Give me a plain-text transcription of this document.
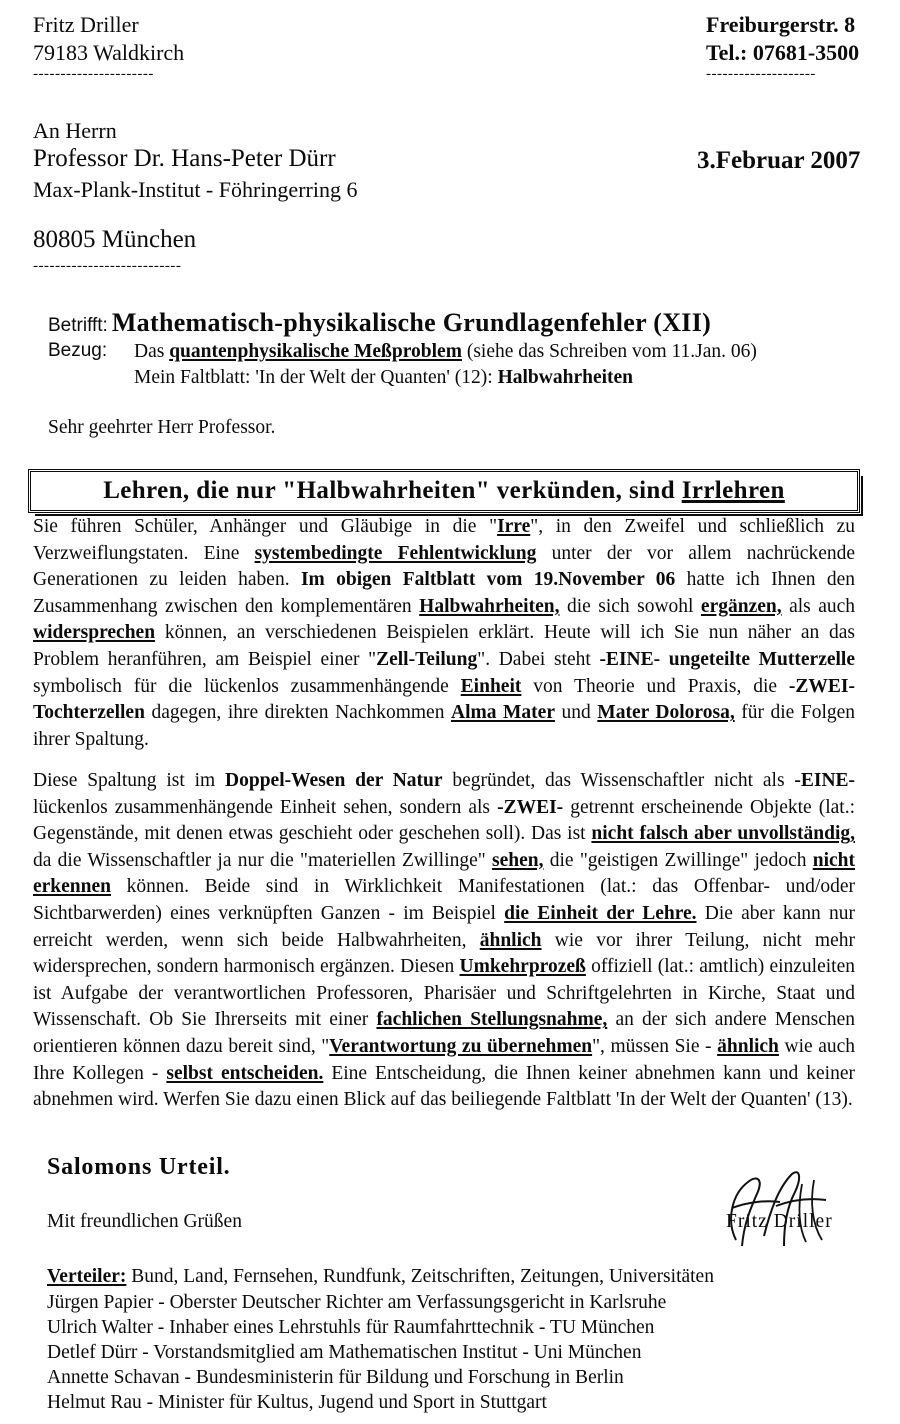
Fritz Driller
79183 Waldkirch
----------------------
Freiburgerstr. 8
Tel.: 07681-3500
--------------------
An Herrn
Professor Dr. Hans-Peter Dürr
Max-Plank-Institut - Föhringerring 6
80805 München
---------------------------
3.Februar 2007
Betrifft: Mathematisch-physikalische Grundlagenfehler (XII)
Bezug: Das quantenphysikalische Meßproblem (siehe das Schreiben vom 11.Jan. 06)
Mein Faltblatt: 'In der Welt der Quanten' (12): Halbwahrheiten
Sehr geehrter Herr Professor.
Lehren, die nur "Halbwahrheiten" verkünden, sind Irrlehren
Sie führen Schüler, Anhänger und Gläubige in die "Irre", in den Zweifel und schließlich zu Verzweiflungstaten. Eine systembedingte Fehlentwicklung unter der vor allem nachrückende Generationen zu leiden haben. Im obigen Faltblatt vom 19.November 06 hatte ich Ihnen den Zusammenhang zwischen den komplementären Halbwahrheiten, die sich sowohl ergänzen, als auch widersprechen können, an verschiedenen Beispielen erklärt. Heute will ich Sie nun näher an das Problem heranführen, am Beispiel einer "Zell-Teilung". Dabei steht -EINE- ungeteilte Mutterzelle symbolisch für die lückenlos zusammenhängende Einheit von Theorie und Praxis, die -ZWEI- Tochterzellen dagegen, ihre direkten Nachkommen Alma Mater und Mater Dolorosa, für die Folgen ihrer Spaltung.
Diese Spaltung ist im Doppel-Wesen der Natur begründet, das Wissenschaftler nicht als -EINE- lückenlos zusammenhängende Einheit sehen, sondern als -ZWEI- getrennt erscheinende Objekte (lat.: Gegenstände, mit denen etwas geschieht oder geschehen soll). Das ist nicht falsch aber unvollständig, da die Wissenschaftler ja nur die "materiellen Zwillinge" sehen, die "geistigen Zwillinge" jedoch nicht erkennen können. Beide sind in Wirklichkeit Manifestationen (lat.: das Offenbar- und/oder Sichtbarwerden) eines verknüpften Ganzen - im Beispiel die Einheit der Lehre. Die aber kann nur erreicht werden, wenn sich beide Halbwahrheiten, ähnlich wie vor ihrer Teilung, nicht mehr widersprechen, sondern harmonisch ergänzen. Diesen Umkehrprozeß offiziell (lat.: amtlich) einzuleiten ist Aufgabe der verantwortlichen Professoren, Pharisäer und Schriftgelehrten in Kirche, Staat und Wissenschaft. Ob Sie Ihrerseits mit einer fachlichen Stellungsnahme, an der sich andere Menschen orientieren können dazu bereit sind, "Verantwortung zu übernehmen", müssen Sie - ähnlich wie auch Ihre Kollegen - selbst entscheiden. Eine Entscheidung, die Ihnen keiner abnehmen kann und keiner abnehmen wird. Werfen Sie dazu einen Blick auf das beiliegende Faltblatt 'In der Welt der Quanten' (13).
Salomons Urteil.
Mit freundlichen Grüßen	Fritz Driller
Verteiler: Bund, Land, Fernsehen, Rundfunk, Zeitschriften, Zeitungen, Universitäten
Jürgen Papier - Oberster Deutscher Richter am Verfassungsgericht in Karlsruhe
Ulrich Walter - Inhaber eines Lehrstuhls für Raumfahrttechnik - TU München
Detlef Dürr - Vorstandsmitglied am Mathematischen Institut - Uni München
Annette Schavan - Bundesministerin für Bildung und Forschung in Berlin
Helmut Rau - Minister für Kultus, Jugend und Sport in Stuttgart
